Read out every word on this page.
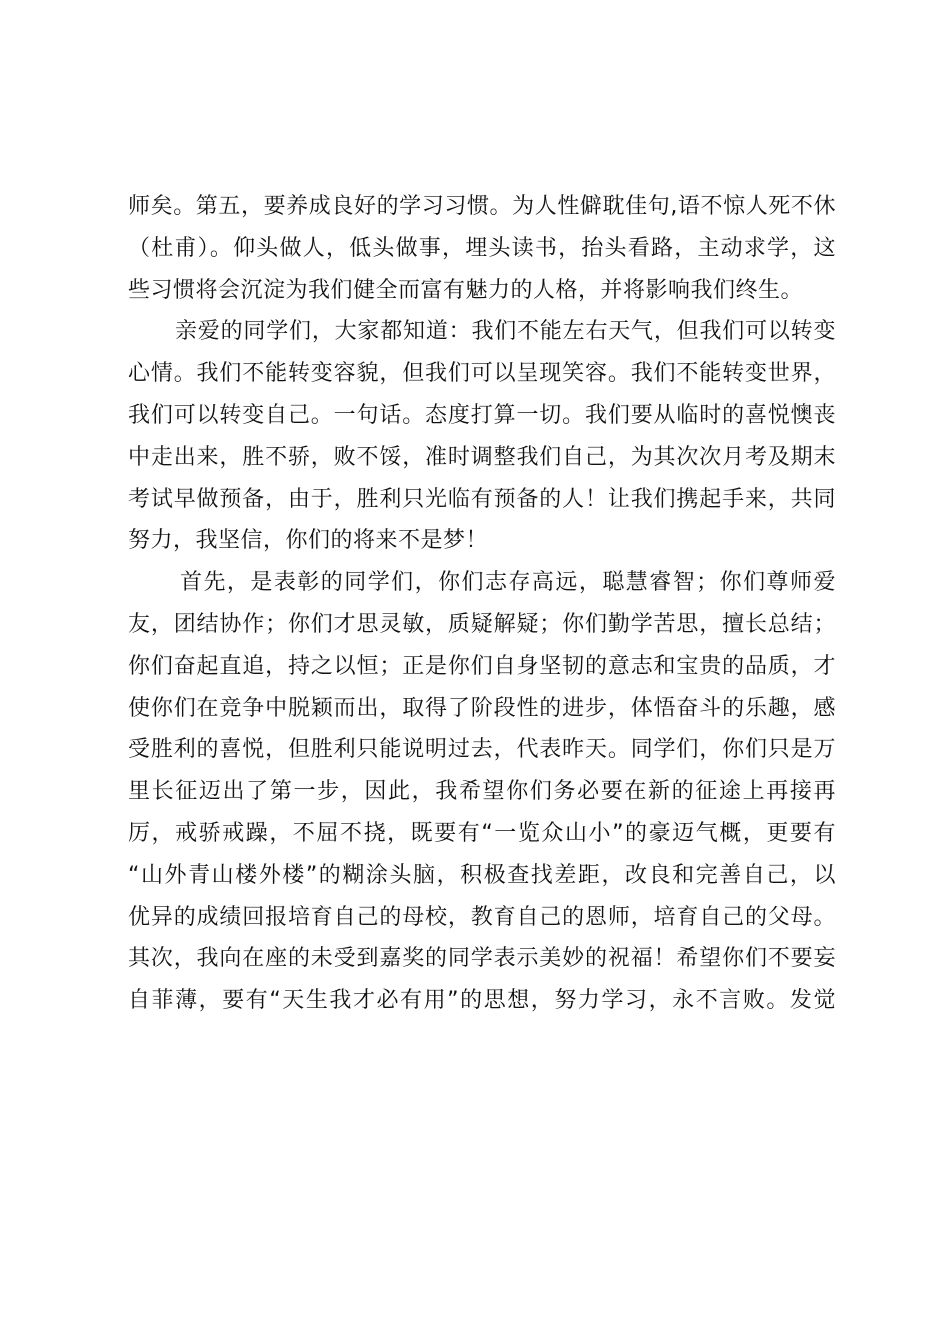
师矣。第五，要养成良好的学习习惯。为人性僻耽佳句,语不惊人死不休
（杜甫）。仰头做人，低头做事，埋头读书，抬头看路，主动求学，这
些习惯将会沉淀为我们健全而富有魅力的人格，并将影响我们终生。
亲爱的同学们，大家都知道：我们不能左右天气，但我们可以转变
心情。我们不能转变容貌，但我们可以呈现笑容。我们不能转变世界，
我们可以转变自己。一句话。态度打算一切。我们要从临时的喜悦懊丧
中走出来，胜不骄，败不馁，准时调整我们自己，为其次次月考及期末
考试早做预备，由于，胜利只光临有预备的人！让我们携起手来，共同
努力，我坚信，你们的将来不是梦！
首先，是表彰的同学们，你们志存高远，聪慧睿智；你们尊师爱
友，团结协作；你们才思灵敏，质疑解疑；你们勤学苦思，擅长总结；
你们奋起直追，持之以恒；正是你们自身坚韧的意志和宝贵的品质，才
使你们在竞争中脱颖而出，取得了阶段性的进步，体悟奋斗的乐趣，感
受胜利的喜悦，但胜利只能说明过去，代表昨天。同学们，你们只是万
里长征迈出了第一步，因此，我希望你们务必要在新的征途上再接再
厉，戒骄戒躁，不屈不挠，既要有“一览众山小”的豪迈气概，更要有
“山外青山楼外楼”的糊涂头脑，积极查找差距，改良和完善自己，以
优异的成绩回报培育自己的母校，教育自己的恩师，培育自己的父母。
其次，我向在座的未受到嘉奖的同学表示美妙的祝福！希望你们不要妄
自菲薄，要有“天生我才必有用”的思想，努力学习，永不言败。发觉
